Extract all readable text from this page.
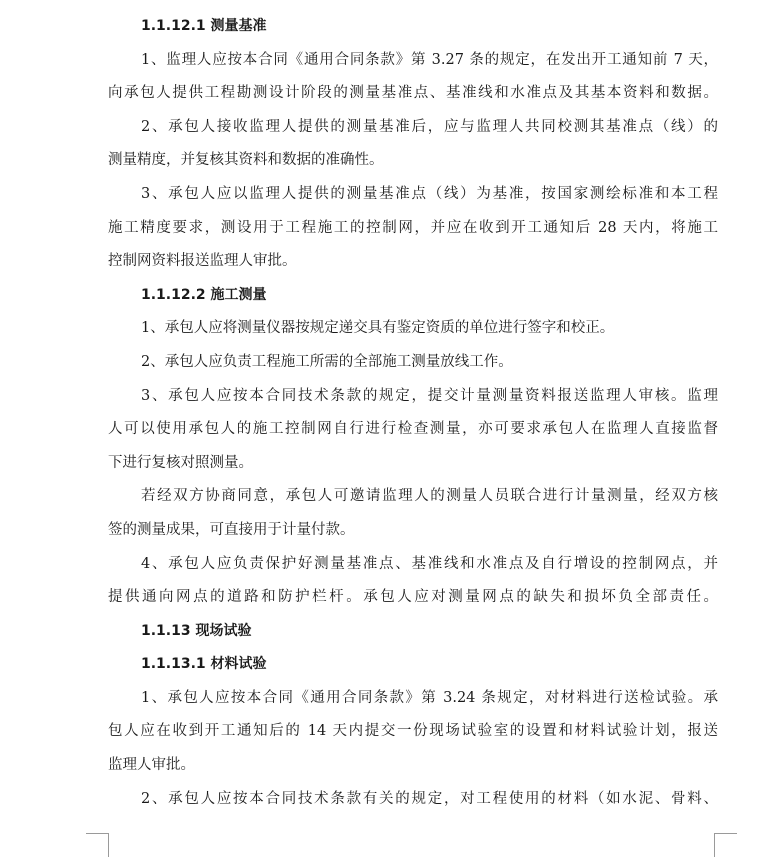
1.1.12.1 测量基准
1、监理人应按本合同《通用合同条款》第 3.27 条的规定，在发出开工通知前 7 天，
向承包人提供工程勘测设计阶段的测量基准点、基准线和水准点及其基本资料和数据。
2、承包人接收监理人提供的测量基准后，应与监理人共同校测其基准点（线）的
测量精度，并复核其资料和数据的准确性。
3、承包人应以监理人提供的测量基准点（线）为基准，按国家测绘标准和本工程
施工精度要求，测设用于工程施工的控制网，并应在收到开工通知后 28 天内，将施工
控制网资料报送监理人审批。
1.1.12.2 施工测量
1、承包人应将测量仪器按规定递交具有鉴定资质的单位进行签字和校正。
2、承包人应负责工程施工所需的全部施工测量放线工作。
3、承包人应按本合同技术条款的规定，提交计量测量资料报送监理人审核。监理
人可以使用承包人的施工控制网自行进行检查测量，亦可要求承包人在监理人直接监督
下进行复核对照测量。
若经双方协商同意，承包人可邀请监理人的测量人员联合进行计量测量，经双方核
签的测量成果，可直接用于计量付款。
4、承包人应负责保护好测量基准点、基准线和水准点及自行增设的控制网点，并
提供通向网点的道路和防护栏杆。承包人应对测量网点的缺失和损坏负全部责任。
1.1.13 现场试验
1.1.13.1 材料试验
1、承包人应按本合同《通用合同条款》第 3.24 条规定，对材料进行送检试验。承
包人应在收到开工通知后的 14 天内提交一份现场试验室的设置和材料试验计划，报送
监理人审批。
2、承包人应按本合同技术条款有关的规定，对工程使用的材料（如水泥、骨料、
